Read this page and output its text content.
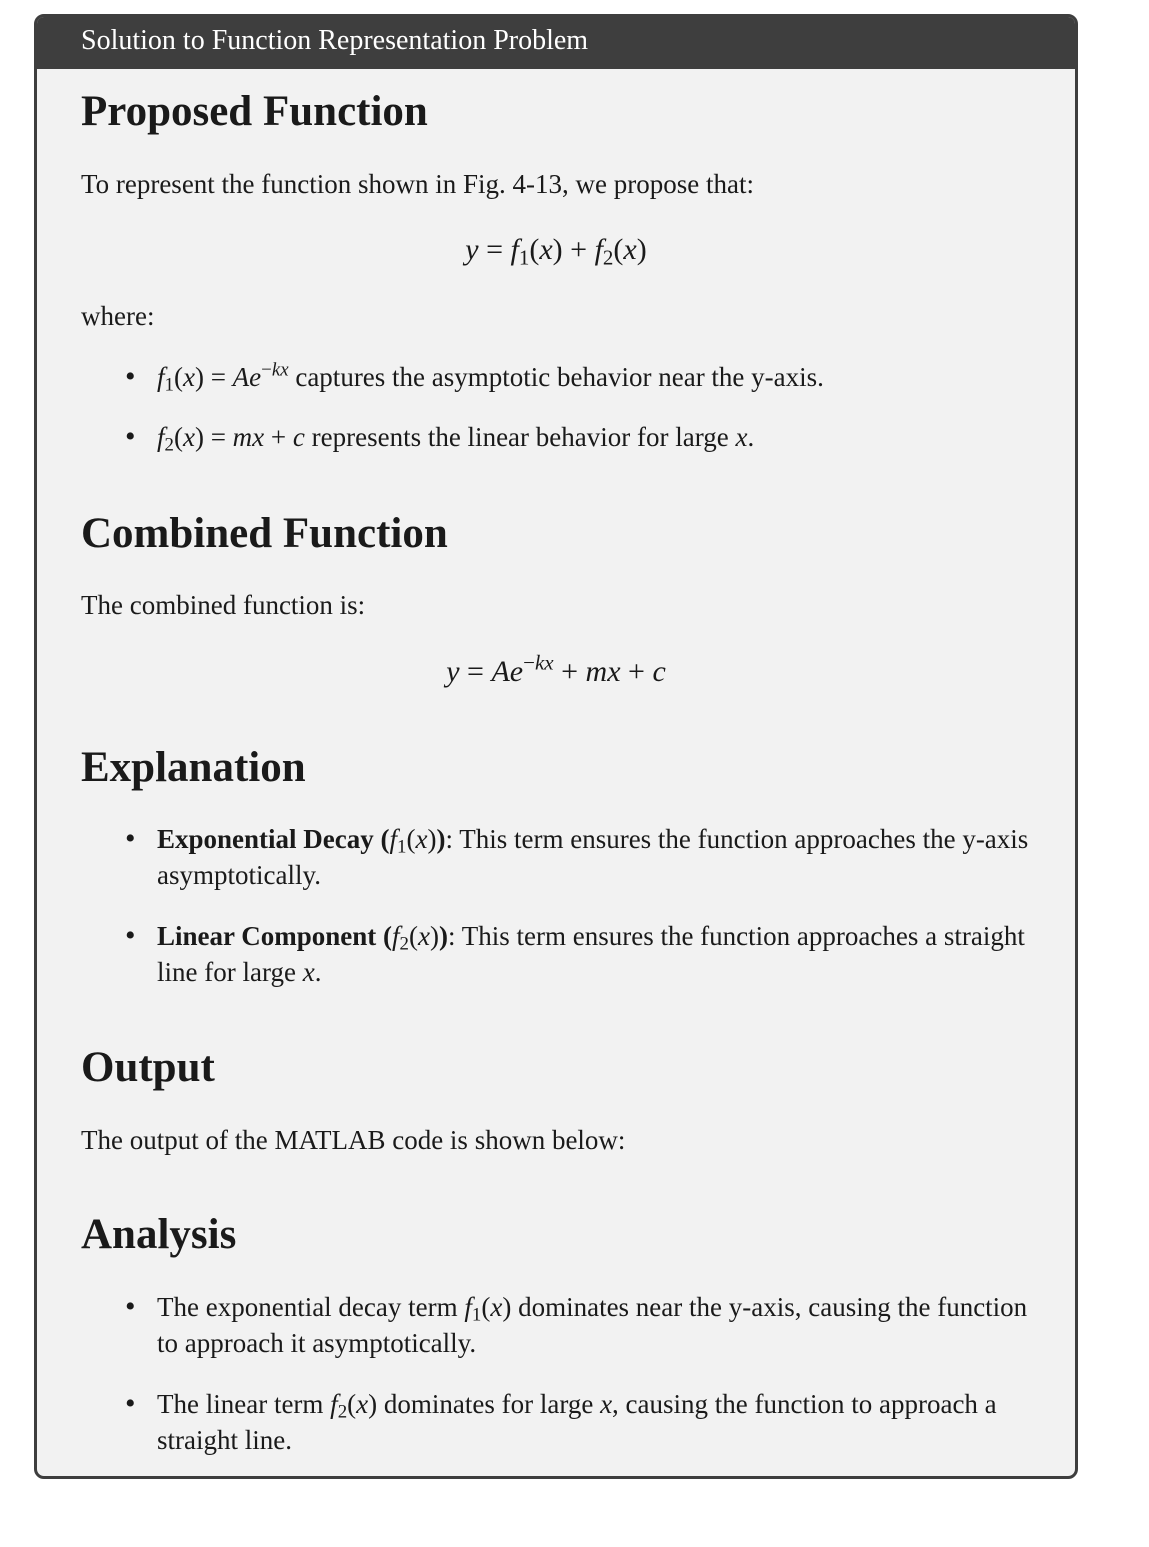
Solution to Function Representation Problem
Proposed Function

To represent the function shown in Fig. 4-13, we propose that:

$y = f_1(x) + f_2(x)$

where:

• $f_1(x) = Ae^{-kx}$ captures the asymptotic behavior near the y-axis.
• $f_2(x)$ = mx + c represents the linear behavior for large x.
Combined Function

The combined function is:

$y = Ae^{-kx}$ + mx + c
Explanation
• Exponential Decay $(f_1(x))$: This term ensures the function approaches the y-axis asymptotically.
• Linear Component $(f_2(x))$: This term ensures the function approaches a straight line for large x.
Output

The output of the MATLAB code is shown below:

Analysis
• The exponential decay term $f_1(x)$ dominates near the y-axis, causing the function to approach it asymptotically.
• The linear term $f_2(x)$ dominates for large x, causing the function to approach a straight line.
